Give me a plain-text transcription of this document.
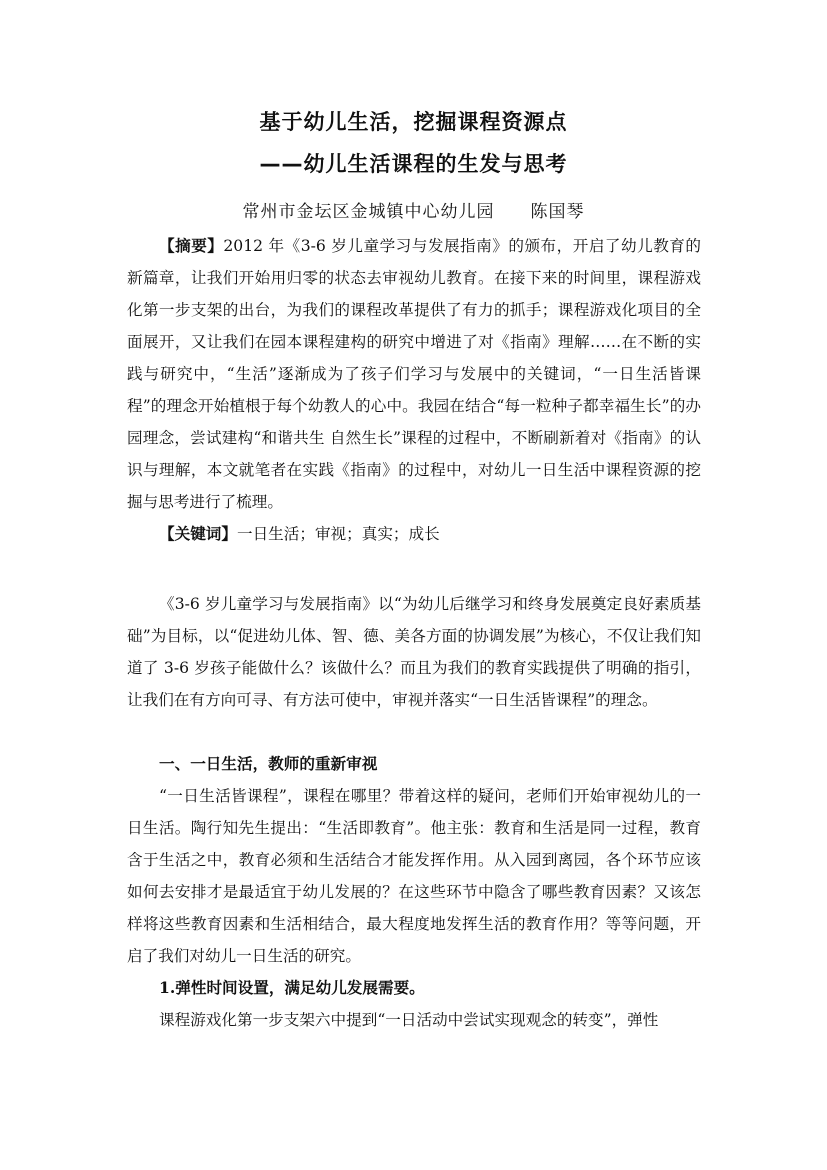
基于幼儿生活，挖掘课程资源点
——幼儿生活课程的生发与思考
常州市金坛区金城镇中心幼儿园 陈国琴
【摘要】2012 年《3-6 岁儿童学习与发展指南》的颁布，开启了幼儿教育的新篇章，让我们开始用归零的状态去审视幼儿教育。在接下来的时间里，课程游戏化第一步支架的出台，为我们的课程改革提供了有力的抓手；课程游戏化项目的全面展开，又让我们在园本课程建构的研究中增进了对《指南》理解……在不断的实践与研究中，“生活”逐渐成为了孩子们学习与发展中的关键词，“一日生活皆课程”的理念开始植根于每个幼教人的心中。我园在结合“每一粒种子都幸福生长”的办园理念，尝试建构“和谐共生 自然生长”课程的过程中，不断刷新着对《指南》的认识与理解，本文就笔者在实践《指南》的过程中，对幼儿一日生活中课程资源的挖掘与思考进行了梳理。
【关键词】一日生活；审视；真实；成长
《3-6 岁儿童学习与发展指南》以“为幼儿后继学习和终身发展奠定良好素质基础”为目标，以“促进幼儿体、智、德、美各方面的协调发展”为核心，不仅让我们知道了 3-6 岁孩子能做什么？该做什么？而且为我们的教育实践提供了明确的指引，让我们在有方向可寻、有方法可使中，审视并落实“一日生活皆课程”的理念。
一、一日生活，教师的重新审视
“一日生活皆课程”，课程在哪里？带着这样的疑问，老师们开始审视幼儿的一日生活。陶行知先生提出：“生活即教育”。他主张：教育和生活是同一过程，教育含于生活之中，教育必须和生活结合才能发挥作用。从入园到离园，各个环节应该如何去安排才是最适宜于幼儿发展的？在这些环节中隐含了哪些教育因素？又该怎样将这些教育因素和生活相结合，最大程度地发挥生活的教育作用？等等问题，开启了我们对幼儿一日生活的研究。
1.弹性时间设置，满足幼儿发展需要。
课程游戏化第一步支架六中提到“一日活动中尝试实现观念的转变”，弹性
